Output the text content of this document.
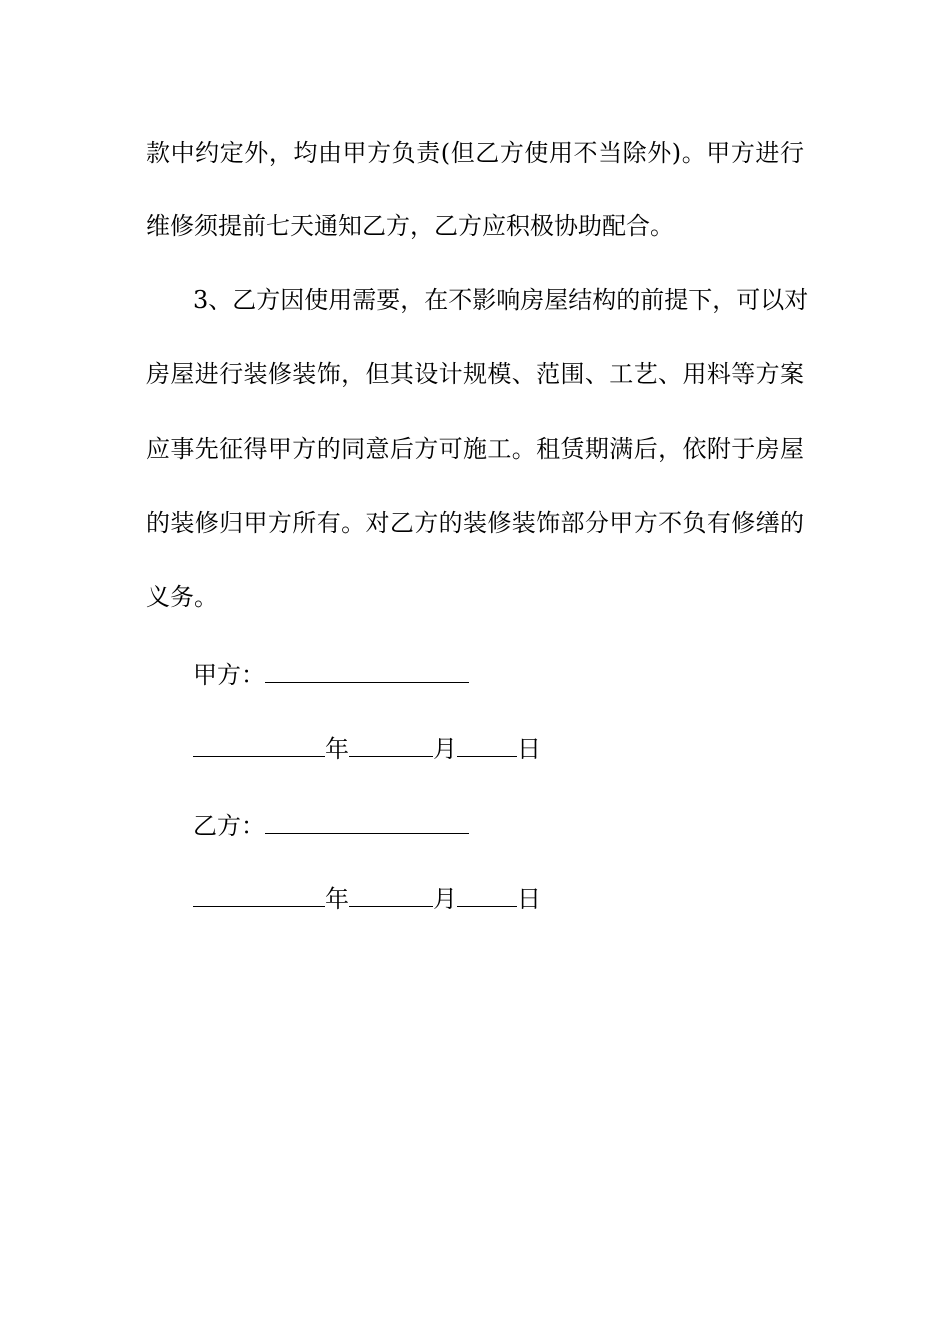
款中约定外，均由甲方负责(但乙方使用不当除外)。甲方进行
维修须提前七天通知乙方，乙方应积极协助配合。
3、乙方因使用需要，在不影响房屋结构的前提下，可以对
房屋进行装修装饰，但其设计规模、范围、工艺、用料等方案
应事先征得甲方的同意后方可施工。租赁期满后，依附于房屋
的装修归甲方所有。对乙方的装修装饰部分甲方不负有修缮的
义务。
甲方：
年	月	日
乙方：
年	月	日
